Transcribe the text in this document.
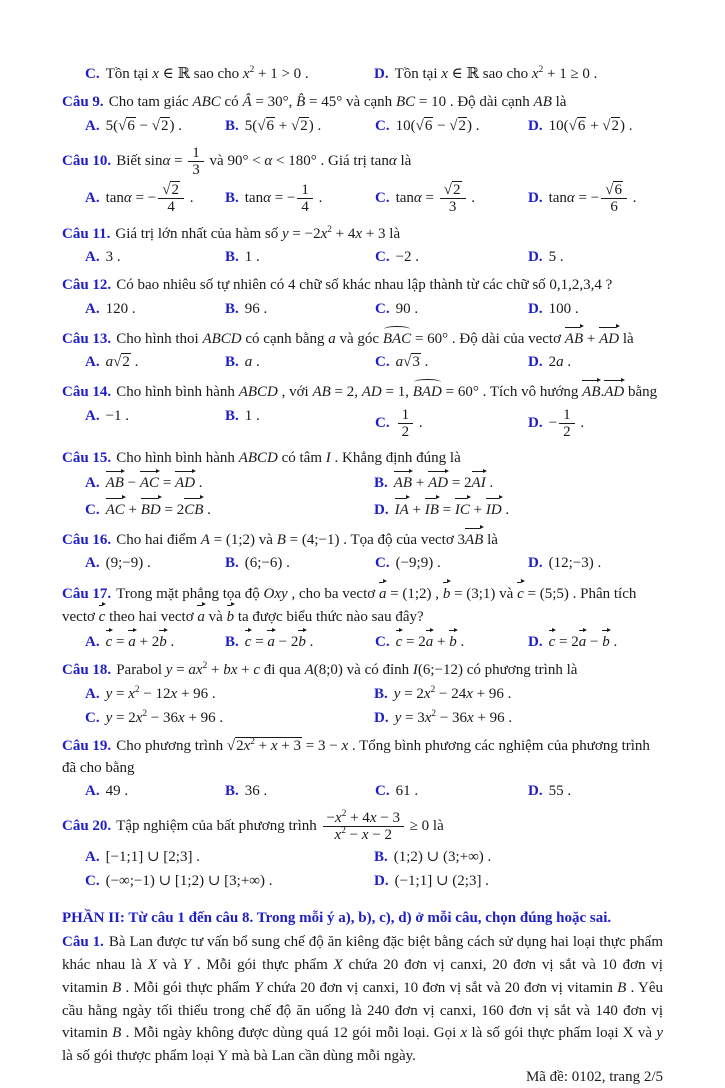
C. Tồn tại x ∈ ℝ sao cho $x^2 + 1 > 0$ .	D. Tồn tại x ∈ ℝ sao cho $x^2 + 1 \ge 0$ .
Câu 9. Cho tam giác ABC có Â = 30°, B̂ = 45° và cạnh BC = 10 . Độ dài cạnh AB là
A. 5(√6 − √2) .	B. 5(√6 + √2) .	C. 10(√6 − √2) .	D. 10(√6 + √2) .
Câu 10. Biết $\sin\alpha = \frac{1}{3}$ và 90° < α < 180° . Giá trị tanα là
A. tanα = − $\frac{√2}{4}$ .	B. tanα = − $\frac{1}{4}$ .	C. $\tan\alpha = \frac{√2}{3}$ .	D. tanα = − $\frac{√6}{6}$ .
Câu 11. Giá trị lớn nhất của hàm số $y = -2x^2 + 4x + 3$ là
A. 3 .	B. 1 .	C. −2 .	D. 5 .
Câu 12. Có bao nhiêu số tự nhiên có 4 chữ số khác nhau lập thành từ các chữ số 0,1,2,3,4 ?
A. 120 .	B. 96 .	C. 90 .	D. 100 .
Câu 13. Cho hình thoi ABCD có cạnh bằng a và góc BAC = 60° . Độ dài của vectơ AB + AD là
A. a√2 .	B. a .	C. a√3 .	D. 2a .
Câu 14. Cho hình bình hành ABCD , với AB = 2, AD = 1, BAD = 60° . Tích vô hướng AB.AD bằng
A. −1 .	B. 1 .	C. $\frac{1}{2}$ .	D. − $\frac{1}{2}$ .
Câu 15. Cho hình bình hành ABCD có tâm I . Khẳng định đúng là
A. AB − AC = AD .	B. AB + AD = 2AI .
C. AC + BD = 2CB .	D. IA + IB = IC + ID .
Câu 16. Cho hai điểm A = (1;2) và B = (4;−1) . Tọa độ của vectơ 3AB là
A. (9;−9) .	B. (6;−6) .	C. (−9;9) .	D. (12;−3) .
Câu 17. Trong mặt phẳng tọa độ Oxy , cho ba vectơ a = (1;2) , b = (3;1) và c = (5;5) . Phân tích vectơ c theo hai vectơ a và b ta được biểu thức nào sau đây?
A. c = a + 2b .	B. c = a − 2b .	C. c = 2a + b .	D. c = 2a − b .
Câu 18. Parabol $y = ax^2$ + bx + c đi qua A(8;0) và có đỉnh I(6;−12) có phương trình là
A. $y = x^2 - 12x + 96$ .	B. $y = 2x^2 - 24x + 96$ .
C. $y = 2x^2 - 36x + 96$ .	D. $y = 3x^2 - 36x + 96$ .
Câu 19. Cho phương trình $√2x^2 + x + 3 = 3 - x$ . Tổng bình phương các nghiệm của phương trình đã cho bằng
A. 49 .	B. 36 .	C. 61 .	D. 55 .
Câu 20. Tập nghiệm của bất phương trình $\frac{-x^2 + 4x - 3}{x^2 - x - 2} \ge 0$ là
A. [−1;1] ∪ [2;3] .	B. (1;2) ∪ (3;+∞) .
C. (−∞;−1) ∪ [1;2) ∪ [3;+∞) .	D. (−1;1] ∪ (2;3] .
PHẦN II: Từ câu 1 đến câu 8. Trong mỗi ý a), b), c), d) ở mỗi câu, chọn đúng hoặc sai.

Câu 1. Bà Lan được tư vấn bổ sung chế độ ăn kiêng đặc biệt bằng cách sử dụng hai loại thực phẩm khác nhau là X và Y . Mỗi gói thực phẩm X chứa 20 đơn vị canxi, 20 đơn vị sắt và 10 đơn vị vitamin B . Mỗi gói thực phẩm Y chứa 20 đơn vị canxi, 10 đơn vị sắt và 20 đơn vị vitamin B . Yêu cầu hằng ngày tối thiểu trong chế độ ăn uống là 240 đơn vị canxi, 160 đơn vị sắt và 140 đơn vị vitamin B . Mỗi ngày không được dùng quá 12 gói mỗi loại. Gọi x là số gói thực phẩm loại X và y là số gói thược phẩm loại Y mà bà Lan cần dùng mỗi ngày.

Mã đề: 0102, trang 2/5
